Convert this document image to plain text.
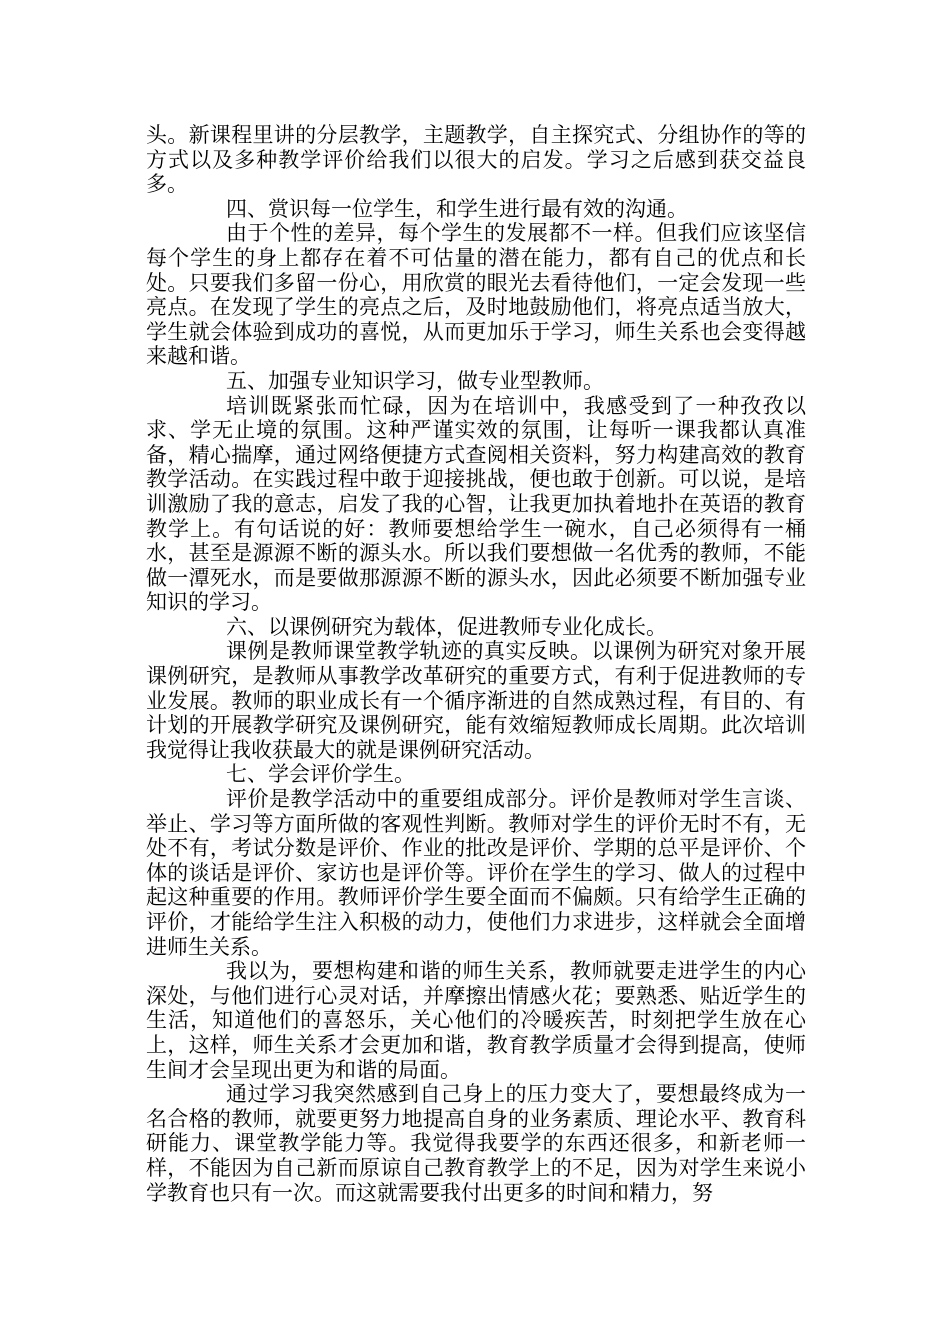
头。新课程里讲的分层教学，主题教学，自主探究式、分组协作的等的方式以及多种教学评价给我们以很大的启发。学习之后感到获交益良多。

四、赏识每一位学生，和学生进行最有效的沟通。

由于个性的差异，每个学生的发展都不一样。但我们应该坚信每个学生的身上都存在着不可估量的潜在能力，都有自己的优点和长处。只要我们多留一份心，用欣赏的眼光去看待他们，一定会发现一些亮点。在发现了学生的亮点之后，及时地鼓励他们，将亮点适当放大，学生就会体验到成功的喜悦，从而更加乐于学习，师生关系也会变得越来越和谐。

五、加强专业知识学习，做专业型教师。

培训既紧张而忙碌，因为在培训中，我感受到了一种孜孜以求、学无止境的氛围。这种严谨实效的氛围，让每听一课我都认真准备，精心揣摩，通过网络便捷方式查阅相关资料，努力构建高效的教育教学活动。在实践过程中敢于迎接挑战，便也敢于创新。可以说，是培训激励了我的意志，启发了我的心智，让我更加执着地扑在英语的教育教学上。有句话说的好：教师要想给学生一碗水，自己必须得有一桶水，甚至是源源不断的源头水。所以我们要想做一名优秀的教师，不能做一潭死水，而是要做那源源不断的源头水，因此必须要不断加强专业知识的学习。

六、以课例研究为载体，促进教师专业化成长。

课例是教师课堂教学轨迹的真实反映。以课例为研究对象开展课例研究，是教师从事教学改革研究的重要方式，有利于促进教师的专业发展。教师的职业成长有一个循序渐进的自然成熟过程，有目的、有计划的开展教学研究及课例研究，能有效缩短教师成长周期。此次培训我觉得让我收获最大的就是课例研究活动。

七、学会评价学生。

评价是教学活动中的重要组成部分。评价是教师对学生言谈、举止、学习等方面所做的客观性判断。教师对学生的评价无时不有，无处不有，考试分数是评价、作业的批改是评价、学期的总平是评价、个体的谈话是评价、家访也是评价等。评价在学生的学习、做人的过程中起这种重要的作用。教师评价学生要全面而不偏颇。只有给学生正确的评价，才能给学生注入积极的动力，使他们力求进步，这样就会全面增进师生关系。

我以为，要想构建和谐的师生关系，教师就要走进学生的内心深处，与他们进行心灵对话，并摩擦出情感火花；要熟悉、贴近学生的生活，知道他们的喜怒乐，关心他们的冷暖疾苦，时刻把学生放在心上，这样，师生关系才会更加和谐，教育教学质量才会得到提高，使师生间才会呈现出更为和谐的局面。

通过学习我突然感到自己身上的压力变大了，要想最终成为一名合格的教师，就要更努力地提高自身的业务素质、理论水平、教育科研能力、课堂教学能力等。我觉得我要学的东西还很多，和新老师一样，不能因为自己新而原谅自己教育教学上的不足，因为对学生来说小学教育也只有一次。而这就需要我付出更多的时间和精力，努
